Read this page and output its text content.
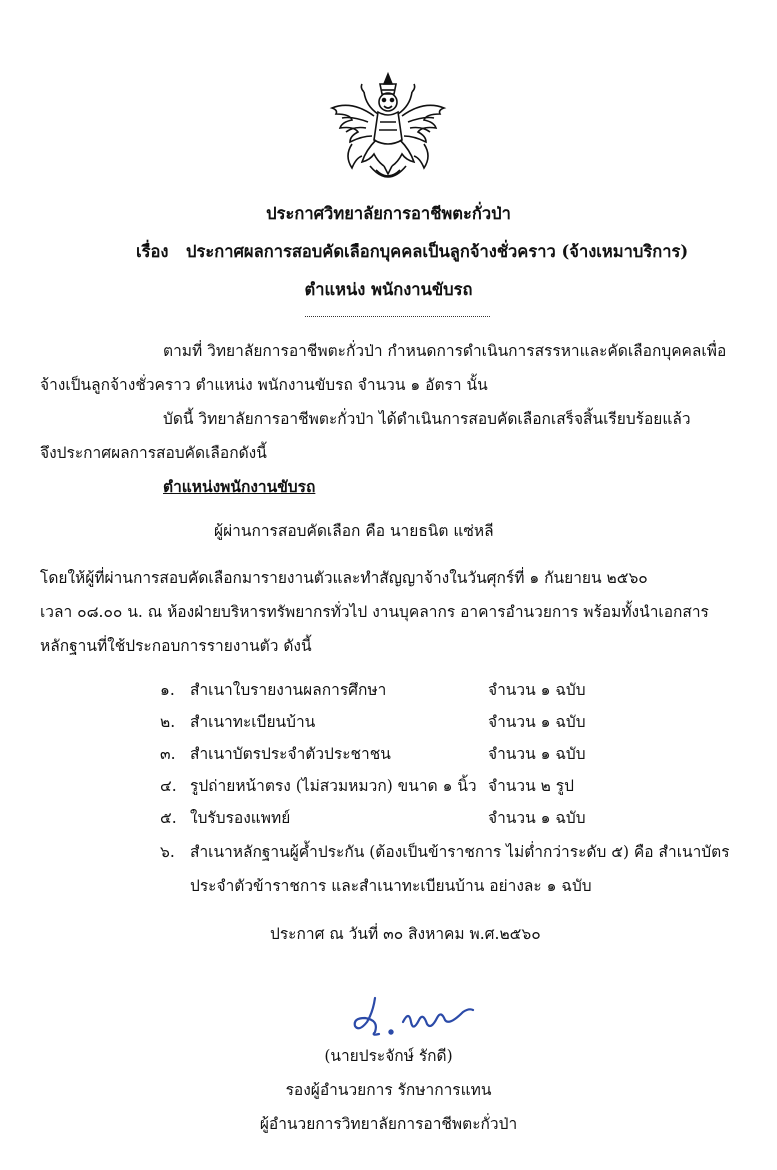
ประกาศวิทยาลัยการอาชีพตะกั่วป่า
เรื่อง ประกาศผลการสอบคัดเลือกบุคคลเป็นลูกจ้างชั่วคราว (จ้างเหมาบริการ)
ตำแหน่ง พนักงานขับรถ
ตามที่ วิทยาลัยการอาชีพตะกั่วป่า กำหนดการดำเนินการสรรหาและคัดเลือกบุคคลเพื่อ
จ้างเป็นลูกจ้างชั่วคราว ตำแหน่ง พนักงานขับรถ จำนวน ๑ อัตรา นั้น
บัดนี้ วิทยาลัยการอาชีพตะกั่วป่า ได้ดำเนินการสอบคัดเลือกเสร็จสิ้นเรียบร้อยแล้ว
จึงประกาศผลการสอบคัดเลือกดังนี้
ตำแหน่งพนักงานขับรถ
ผู้ผ่านการสอบคัดเลือก คือ นายธนิต แซ่หลี
โดยให้ผู้ที่ผ่านการสอบคัดเลือกมารายงานตัวและทำสัญญาจ้างในวันศุกร์ที่ ๑ กันยายน ๒๕๖๐
เวลา ๐๘.๐๐ น. ณ ห้องฝ่ายบริหารทรัพยากรทั่วไป งานบุคลากร อาคารอำนวยการ พร้อมทั้งนำเอกสาร
หลักฐานที่ใช้ประกอบการรายงานตัว ดังนี้
๑. สำเนาใบรายงานผลการศึกษา	จำนวน ๑ ฉบับ
๒. สำเนาทะเบียนบ้าน	จำนวน ๑ ฉบับ
๓. สำเนาบัตรประจำตัวประชาชน	จำนวน ๑ ฉบับ
๔. รูปถ่ายหน้าตรง (ไม่สวมหมวก) ขนาด ๑ นิ้ว จำนวน ๒ รูป
๕. ใบรับรองแพทย์	จำนวน ๑ ฉบับ
๖. สำเนาหลักฐานผู้ค้ำประกัน (ต้องเป็นข้าราชการ ไม่ต่ำกว่าระดับ ๕) คือ สำเนาบัตร
ประจำตัวข้าราชการ และสำเนาทะเบียนบ้าน อย่างละ ๑ ฉบับ
ประกาศ ณ วันที่ ๓๐ สิงหาคม พ.ศ.๒๕๖๐
(นายประจักษ์ รักดี)
รองผู้อำนวยการ รักษาการแทน
ผู้อำนวยการวิทยาลัยการอาชีพตะกั่วป่า
